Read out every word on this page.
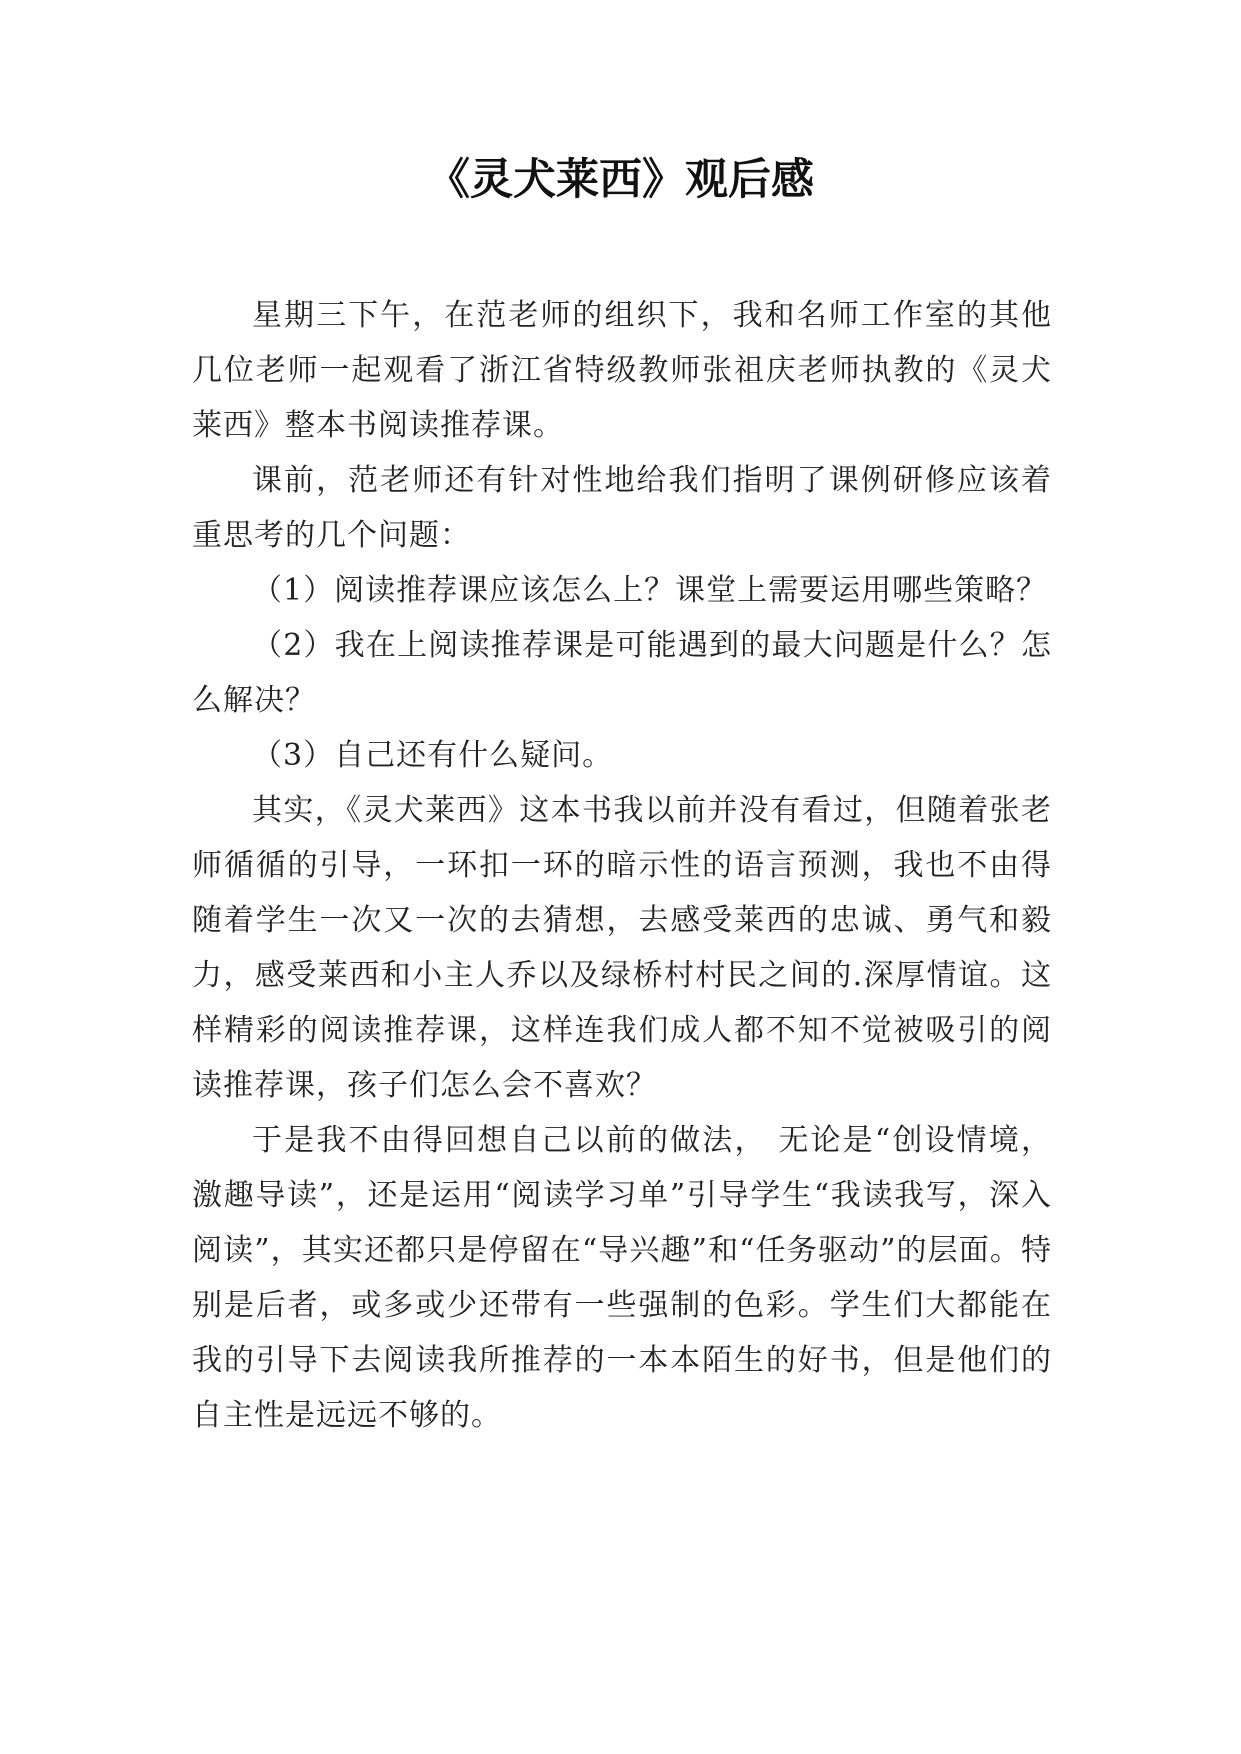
《灵犬莱西》观后感

星期三下午，在范老师的组织下，我和名师工作室的其他几位老师一起观看了浙江省特级教师张祖庆老师执教的《灵犬莱西》整本书阅读推荐课。

课前，范老师还有针对性地给我们指明了课例研修应该着重思考的几个问题：

（1）阅读推荐课应该怎么上？课堂上需要运用哪些策略？

（2）我在上阅读推荐课是可能遇到的最大问题是什么？怎么解决？

（3）自己还有什么疑问。

其实，《灵犬莱西》这本书我以前并没有看过，但随着张老师循循的引导，一环扣一环的暗示性的语言预测，我也不由得随着学生一次又一次的去猜想，去感受莱西的忠诚、勇气和毅力，感受莱西和小主人乔以及绿桥村村民之间的.深厚情谊。这样精彩的阅读推荐课，这样连我们成人都不知不觉被吸引的阅读推荐课，孩子们怎么会不喜欢？

于是我不由得回想自己以前的做法， 无论是“创设情境，激趣导读”，还是运用“阅读学习单”引导学生“我读我写，深入阅读”，其实还都只是停留在“导兴趣”和“任务驱动”的层面。特别是后者，或多或少还带有一些强制的色彩。学生们大都能在我的引导下去阅读我所推荐的一本本陌生的好书，但是他们的自主性是远远不够的。
